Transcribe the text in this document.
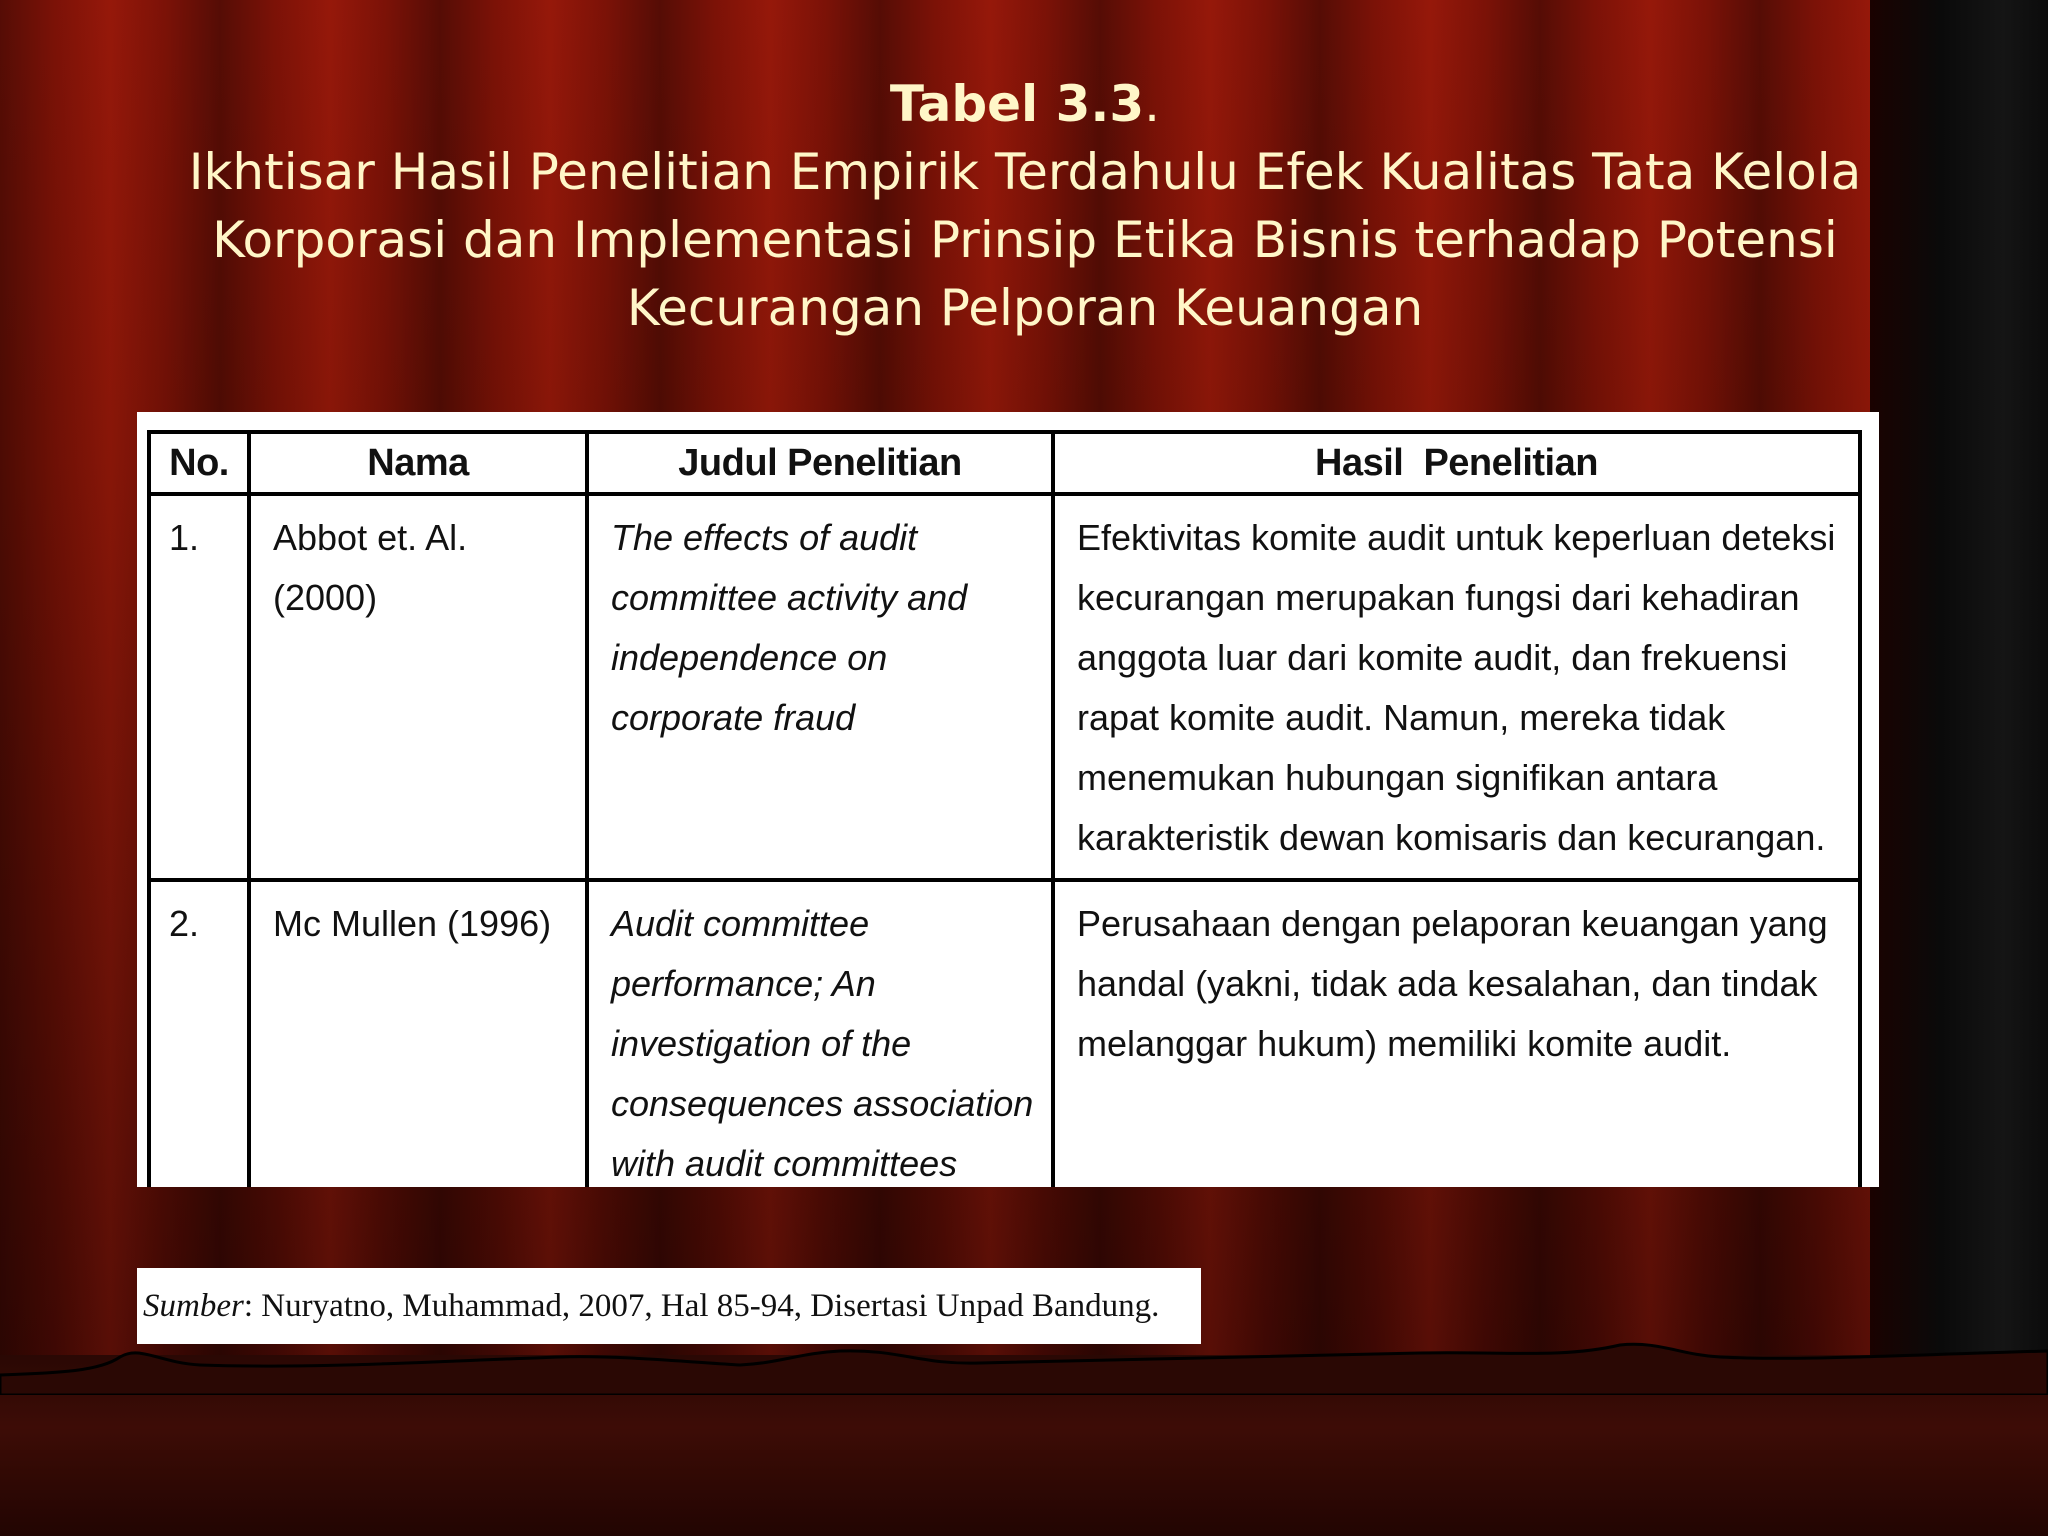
Tabel 3.3.
Ikhtisar Hasil Penelitian Empirik Terdahulu Efek Kualitas Tata Kelola
Korporasi dan Implementasi Prinsip Etika Bisnis terhadap Potensi
Kecurangan Pelporan Keuangan
No.	Nama	Judul Penelitian	Hasil  Penelitian
1.	Abbot et. Al. (2000)	The effects of audit committee activity and independence on corporate fraud	Efektivitas komite audit untuk keperluan deteksi kecurangan merupakan fungsi dari kehadiran anggota luar dari komite audit, dan frekuensi rapat komite audit. Namun, mereka tidak menemukan hubungan signifikan antara karakteristik dewan komisaris dan kecurangan.
2.	Mc Mullen (1996)	Audit committee performance; An investigation of the consequences association with audit committees	Perusahaan dengan pelaporan keuangan yang handal (yakni, tidak ada kesalahan, dan tindak melanggar hukum) memiliki komite audit.
Sumber: Nuryatno, Muhammad, 2007, Hal 85-94, Disertasi Unpad Bandung.
